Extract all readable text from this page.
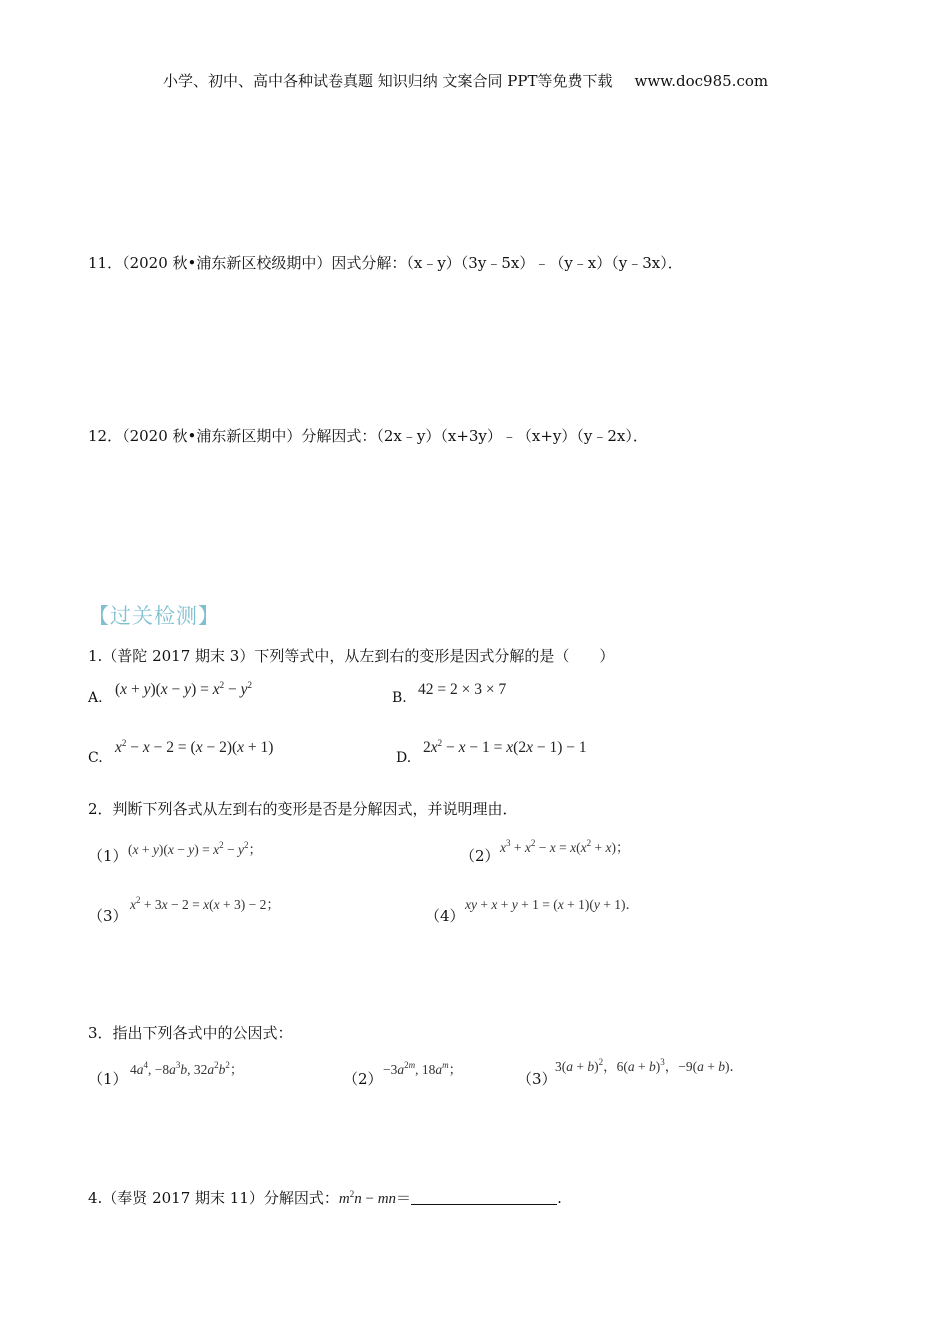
小学、初中、高中各种试卷真题 知识归纳 文案合同 PPT等免费下载 www.doc985.com
11．（2020 秋•浦东新区校级期中）因式分解：（x﹣y）（3y﹣5x）﹣（y﹣x）（y﹣3x）．
12．（2020 秋•浦东新区期中）分解因式：（2x﹣y）（x+3y）﹣（x+y）（y﹣2x）．
【过关检测】
1.（普陀 2017 期末 3）下列等式中，从左到右的变形是因式分解的是（　　）
A. $(x + y)(x - y) = x^2 - y^2$
B. 42 = 2 × 3 × 7
C.
$x^2 - x - 2 = (x - 2)(x + 1)$
D.
$2x^2 - x - 1 = x(2x - 1) - 1$
2．判断下列各式从左到右的变形是否是分解因式，并说明理由．
（1） $(x + y)(x - y) = x^2 - y^2$；	（2） $x^3 + x^2 - x = x(x^2 + x)$；
（3）
$x^2 + 3x - 2 = x(x + 3) - 2$；
（4）
xy + x + y + 1 = (x + 1)(y + 1)．
3．指出下列各式中的公因式：
（1）
$4a^4$, $-8a^3b$, $32a^2b^2$；
（2）
$-3a^{2m}$, $18a^m$；
（3）
$3(a + b)^2$，$6(a + b)^3$，−9(a + b)．
4.（奉贤 2017 期末 11）分解因式：$m^2n - mn=$	.
